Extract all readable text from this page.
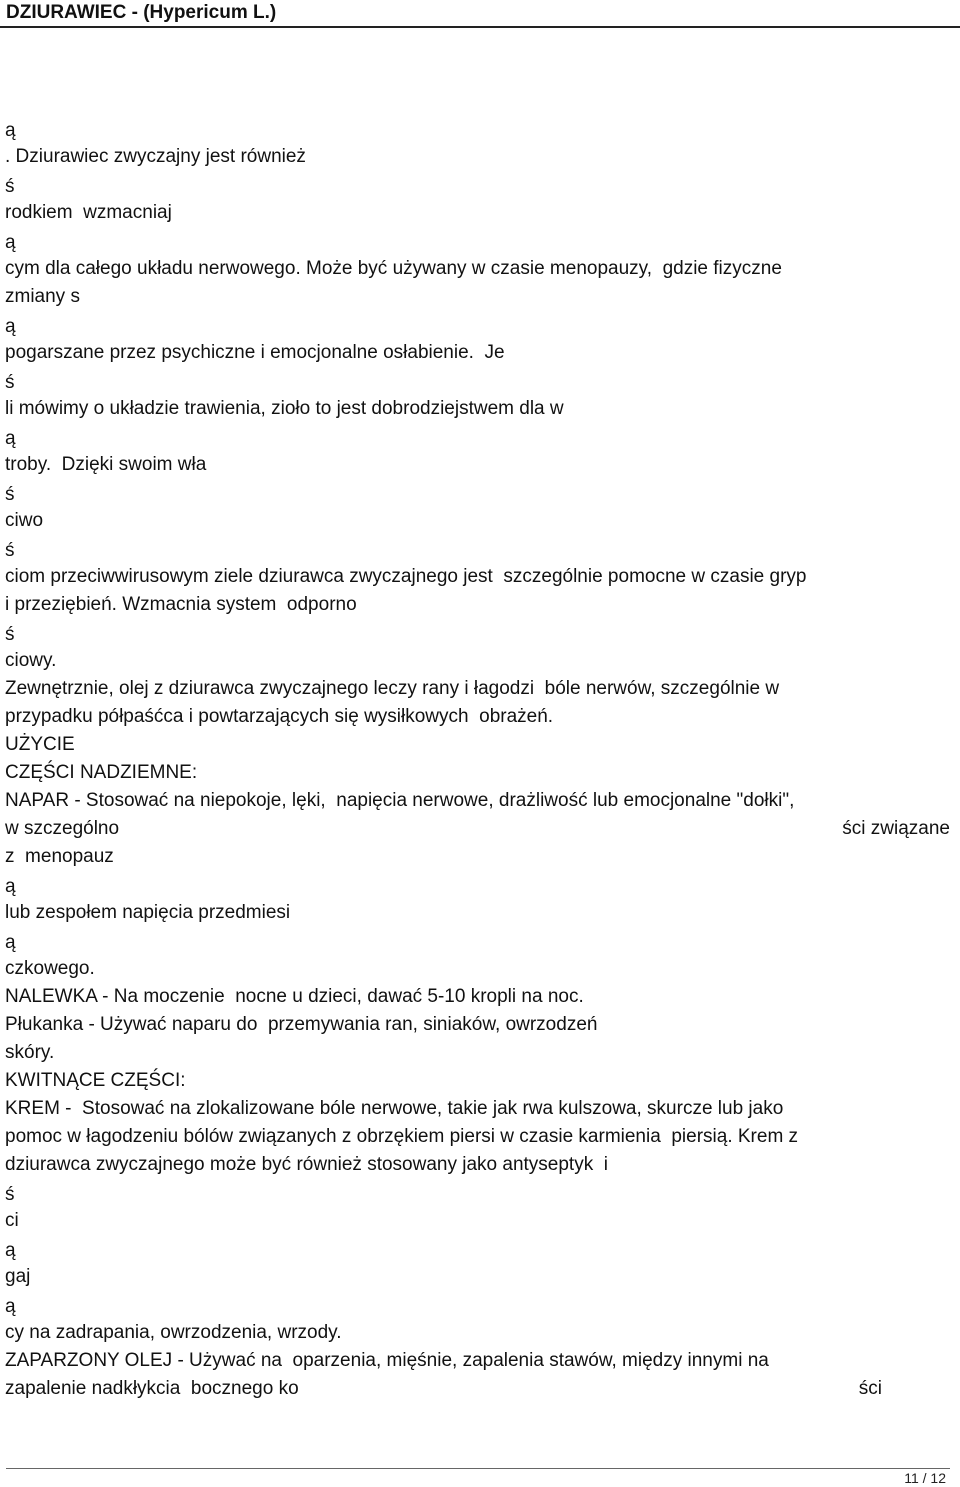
DZIURAWIEC - (Hypericum L.)
ą
. Dziurawiec zwyczajny jest również
ś
rodkiem  wzmacniaj
ą
cym dla całego układu nerwowego. Może być używany w czasie menopauzy,  gdzie fizyczne
zmiany s
ą
pogarszane przez psychiczne i emocjonalne osłabienie.  Je
ś
li mówimy o układzie trawienia, zioło to jest dobrodziejstwem dla w
ą
troby.  Dzięki swoim wła
ś
ciwo
ś
ciom przeciwwirusowym ziele dziurawca zwyczajnego jest  szczególnie pomocne w czasie gryp
i przeziębień. Wzmacnia system  odporno
ś
ciowy.
Zewnętrznie, olej z dziurawca zwyczajnego leczy rany i łagodzi  bóle nerwów, szczególnie w
przypadku półpaśćca i powtarzających się wysiłkowych  obrażeń.
UŻYCIE
CZĘŚCI NADZIEMNE:
NAPAR - Stosować na niepokoje, lęki,  napięcia nerwowe, drażliwość lub emocjonalne "dołki",
w szczególno	ści związane
z  menopauz
ą
lub zespołem napięcia przedmiesi
ą
czkowego.
NALEWKA - Na moczenie  nocne u dzieci, dawać 5-10 kropli na noc.
Płukanka - Używać naparu do  przemywania ran, siniaków, owrzodzeń
skóry.
KWITNĄCE CZĘŚCI:
KREM -  Stosować na zlokalizowane bóle nerwowe, takie jak rwa kulszowa, skurcze lub jako
pomoc w łagodzeniu bólów związanych z obrzękiem piersi w czasie karmienia  piersią. Krem z
dziurawca zwyczajnego może być również stosowany jako antyseptyk  i
ś
ci
ą
gaj
ą
cy na zadrapania, owrzodzenia, wrzody.
ZAPARZONY OLEJ - Używać na  oparzenia, mięśnie, zapalenia stawów, między innymi na
zapalenie nadkłykcia  bocznego ko	ści
11 / 12
